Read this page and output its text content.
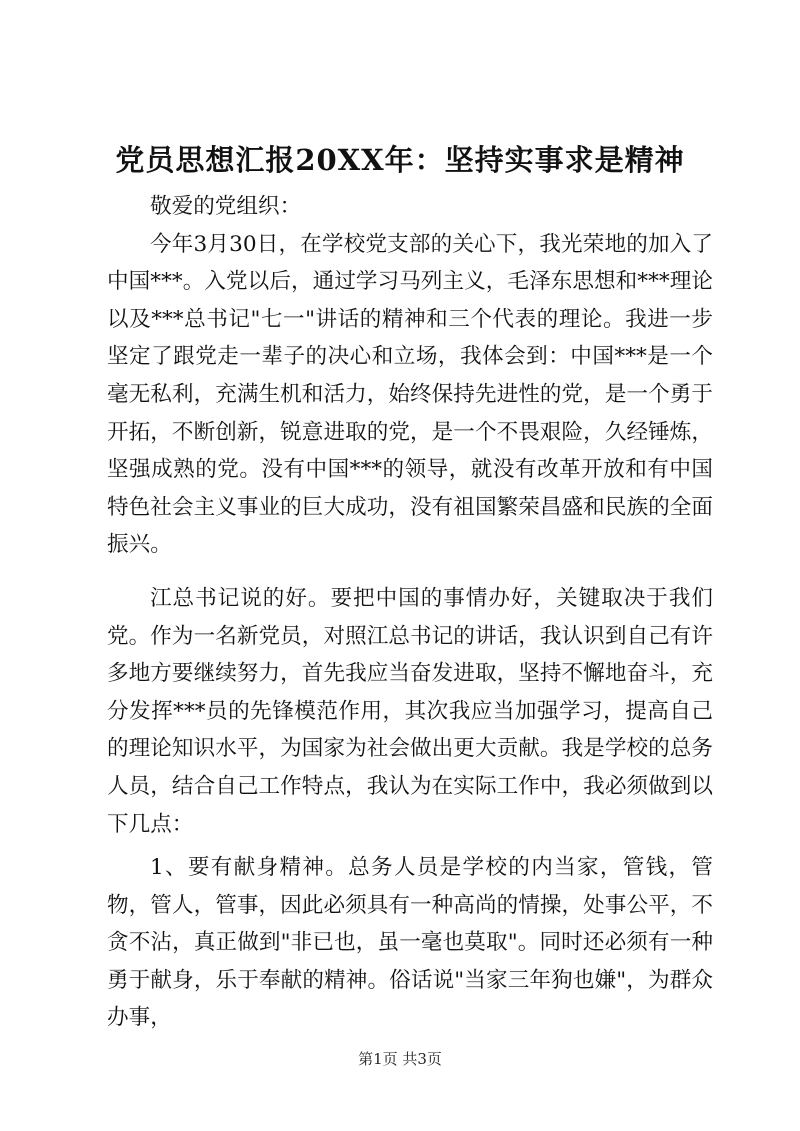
党员思想汇报20XX年：坚持实事求是精神

敬爱的党组织：

今年3月30日，在学校党支部的关心下，我光荣地的加入了中国***。入党以后，通过学习马列主义，毛泽东思想和***理论以及***总书记"七一"讲话的精神和三个代表的理论。我进一步坚定了跟党走一辈子的决心和立场，我体会到：中国***是一个毫无私利，充满生机和活力，始终保持先进性的党，是一个勇于开拓，不断创新，锐意进取的党，是一个不畏艰险，久经锤炼，坚强成熟的党。没有中国***的领导，就没有改革开放和有中国特色社会主义事业的巨大成功，没有祖国繁荣昌盛和民族的全面振兴。

江总书记说的好。要把中国的事情办好，关键取决于我们党。作为一名新党员，对照江总书记的讲话，我认识到自己有许多地方要继续努力，首先我应当奋发进取，坚持不懈地奋斗，充分发挥***员的先锋模范作用，其次我应当加强学习，提高自己的理论知识水平，为国家为社会做出更大贡献。我是学校的总务人员，结合自己工作特点，我认为在实际工作中，我必须做到以下几点：

1、要有献身精神。总务人员是学校的内当家，管钱，管物，管人，管事，因此必须具有一种高尚的情操，处事公平，不贪不沾，真正做到"非已也，虽一毫也莫取"。同时还必须有一种勇于献身，乐于奉献的精神。俗话说"当家三年狗也嫌"，为群众办事，

第1页 共3页
